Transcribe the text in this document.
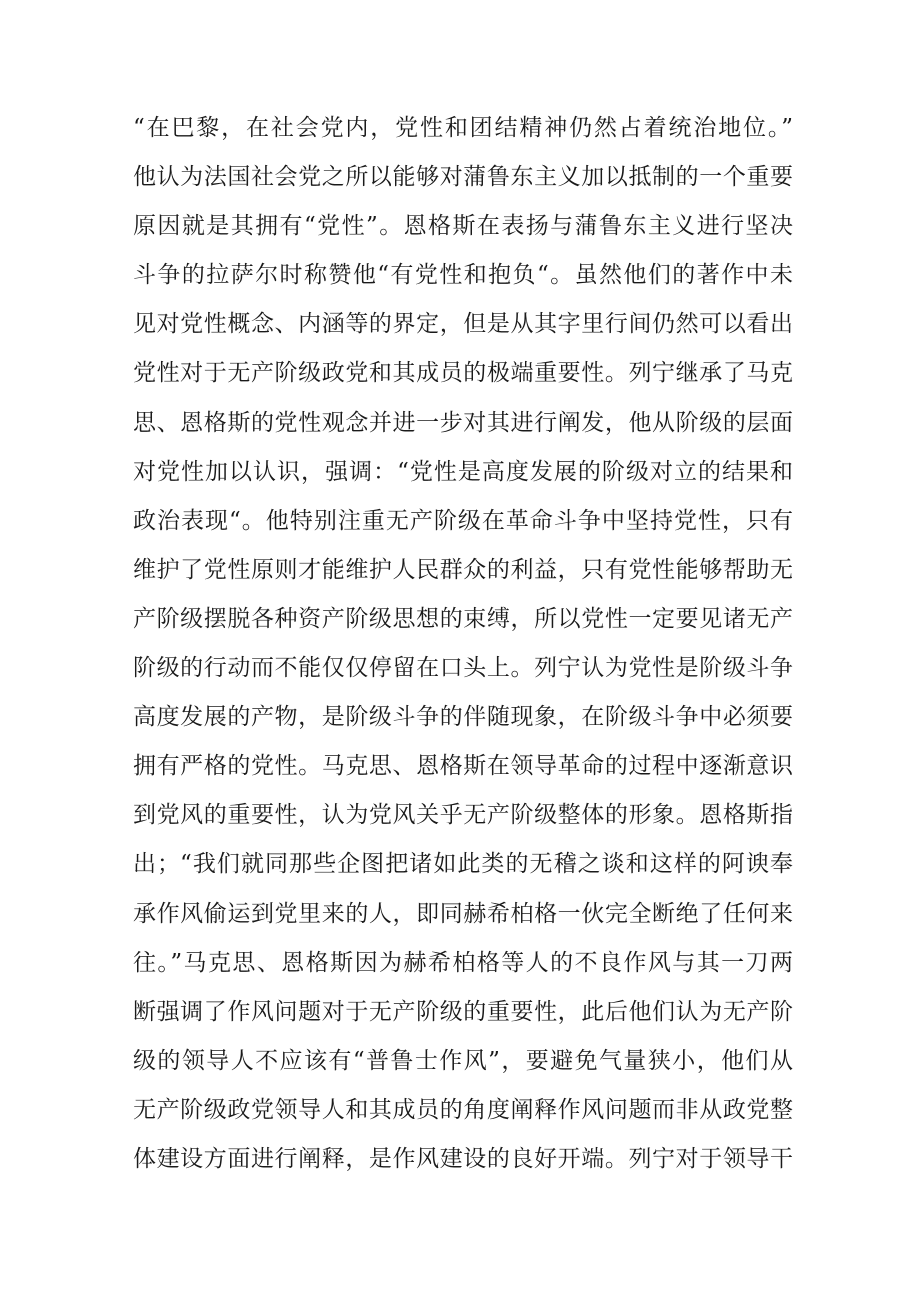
“在巴黎，在社会党内，党性和团结精神仍然占着统治地位。”
他认为法国社会党之所以能够对蒲鲁东主义加以抵制的一个重要
原因就是其拥有“党性”。恩格斯在表扬与蒲鲁东主义进行坚决
斗争的拉萨尔时称赞他“有党性和抱负“。虽然他们的著作中未
见对党性概念、内涵等的界定，但是从其字里行间仍然可以看出
党性对于无产阶级政党和其成员的极端重要性。列宁继承了马克
思、恩格斯的党性观念并进一步对其进行阐发，他从阶级的层面
对党性加以认识，强调：“党性是高度发展的阶级对立的结果和
政治表现“。他特别注重无产阶级在革命斗争中坚持党性，只有
维护了党性原则才能维护人民群众的利益，只有党性能够帮助无
产阶级摆脱各种资产阶级思想的束缚，所以党性一定要见诸无产
阶级的行动而不能仅仅停留在口头上。列宁认为党性是阶级斗争
高度发展的产物，是阶级斗争的伴随现象，在阶级斗争中必须要
拥有严格的党性。马克思、恩格斯在领导革命的过程中逐渐意识
到党风的重要性，认为党风关乎无产阶级整体的形象。恩格斯指
出；“我们就同那些企图把诸如此类的无稽之谈和这样的阿谀奉
承作风偷运到党里来的人，即同赫希柏格一伙完全断绝了任何来
往。”马克思、恩格斯因为赫希柏格等人的不良作风与其一刀两
断强调了作风问题对于无产阶级的重要性，此后他们认为无产阶
级的领导人不应该有“普鲁士作风”，要避免气量狭小，他们从
无产阶级政党领导人和其成员的角度阐释作风问题而非从政党整
体建设方面进行阐释，是作风建设的良好开端。列宁对于领导干
